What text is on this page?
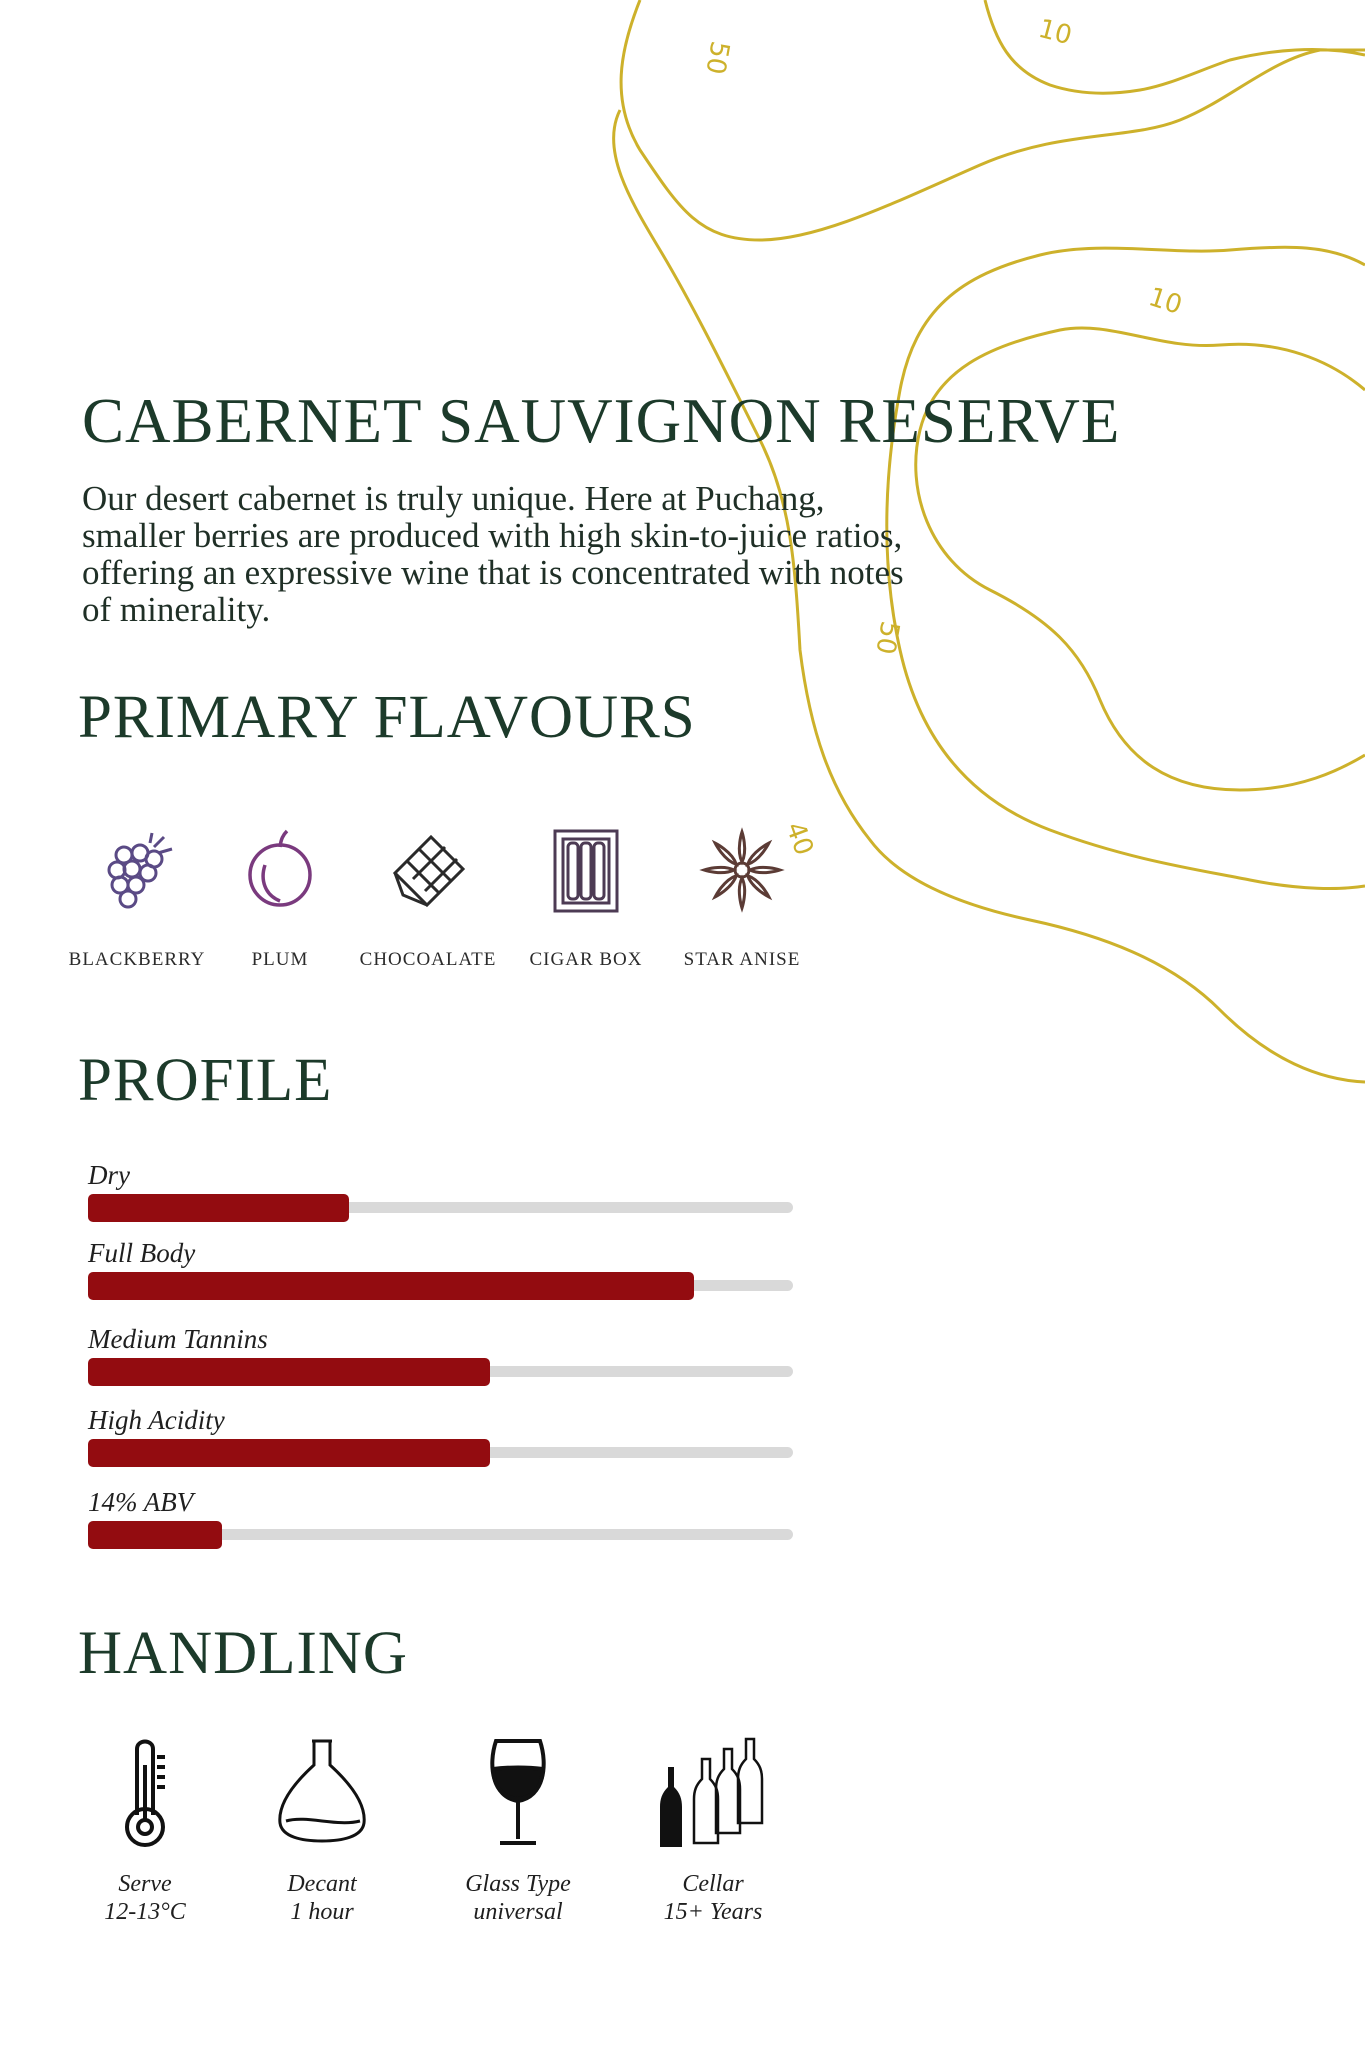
10
50
10
50
40
CABERNET SAUVIGNON RESERVE

Our desert cabernet is truly unique. Here at Puchang, smaller berries are produced with high skin-to-juice ratios, offering an expressive wine that is concentrated with notes of minerality.

PRIMARY FLAVOURS
BLACKBERRY	PLUM	CHOCOALATE	CIGAR BOX	STAR ANISE
PROFILE
Dry
Full Body
Medium Tannins
High Acidity
14% ABV
HANDLING
Serve
12-13°C
Decant
1 hour
Glass Type
universal
Cellar
15+ Years
